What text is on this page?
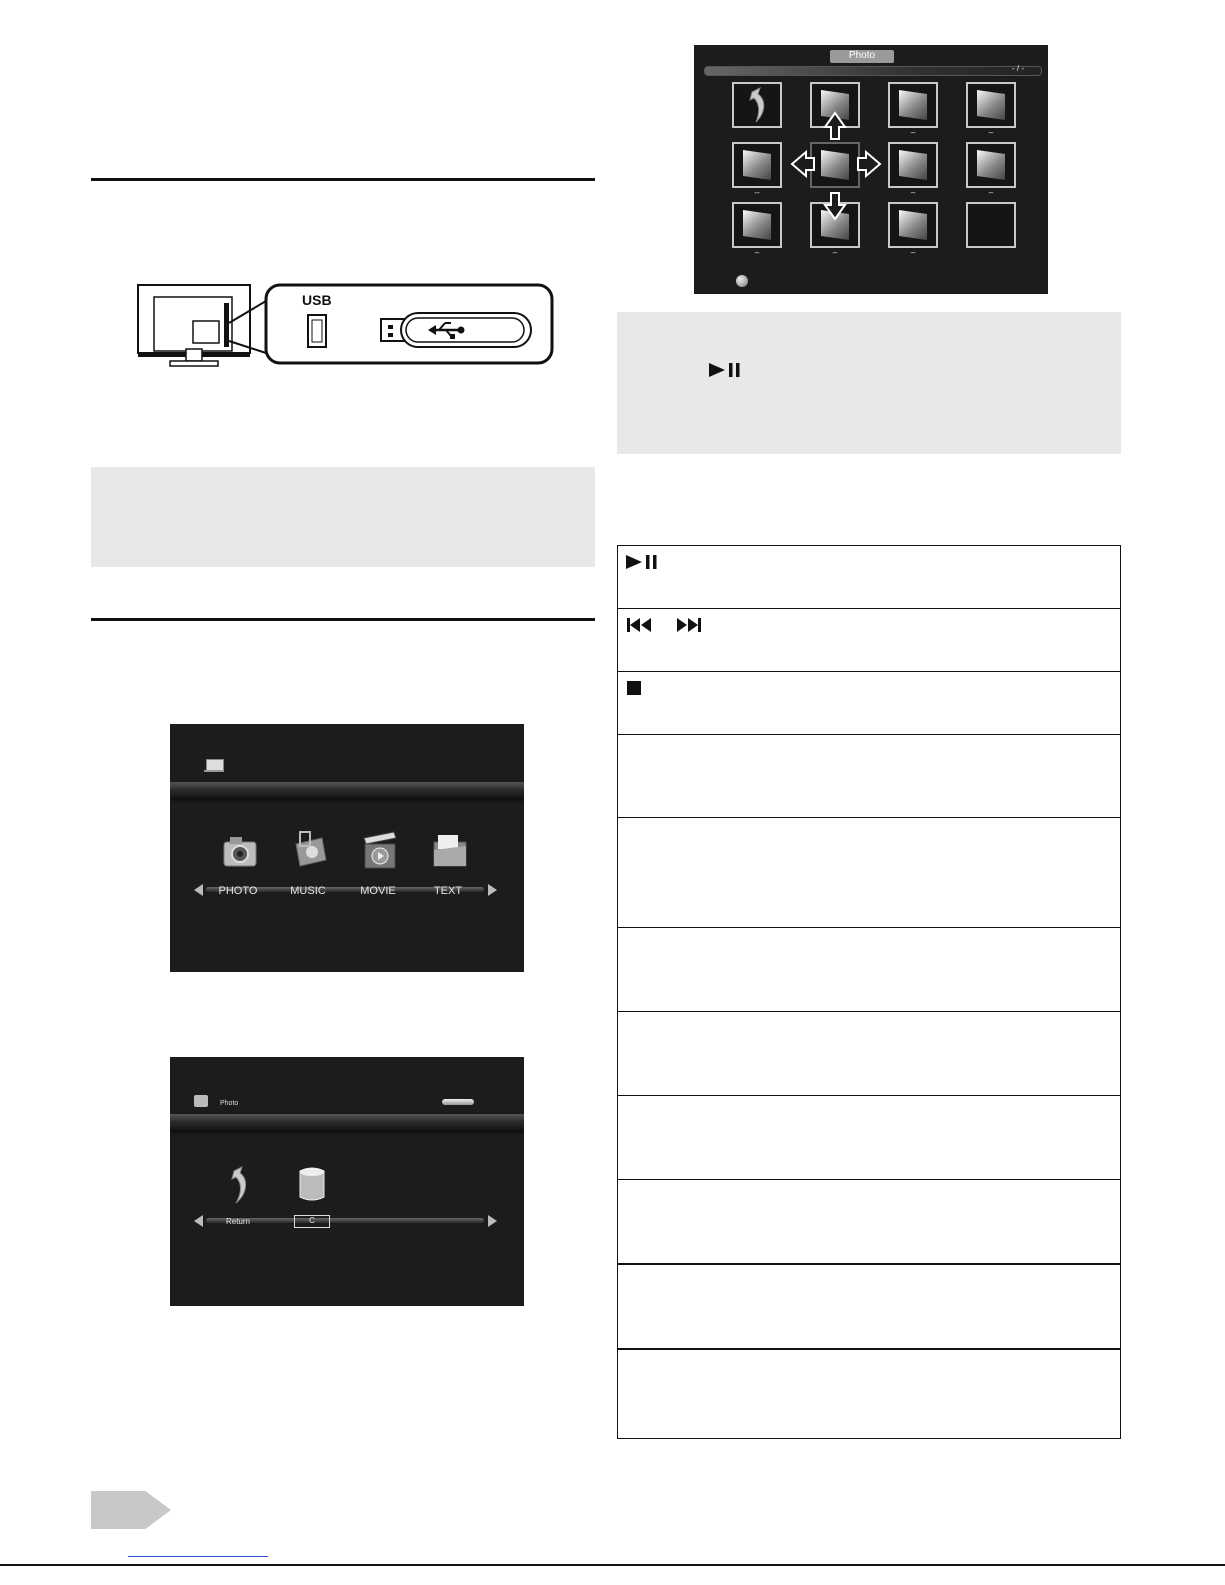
USB
PHOTO	MUSIC	MOVIE	TEXT
Photo
Return	C
Photo
- / -
–	–
--	–	–
–	–	–
